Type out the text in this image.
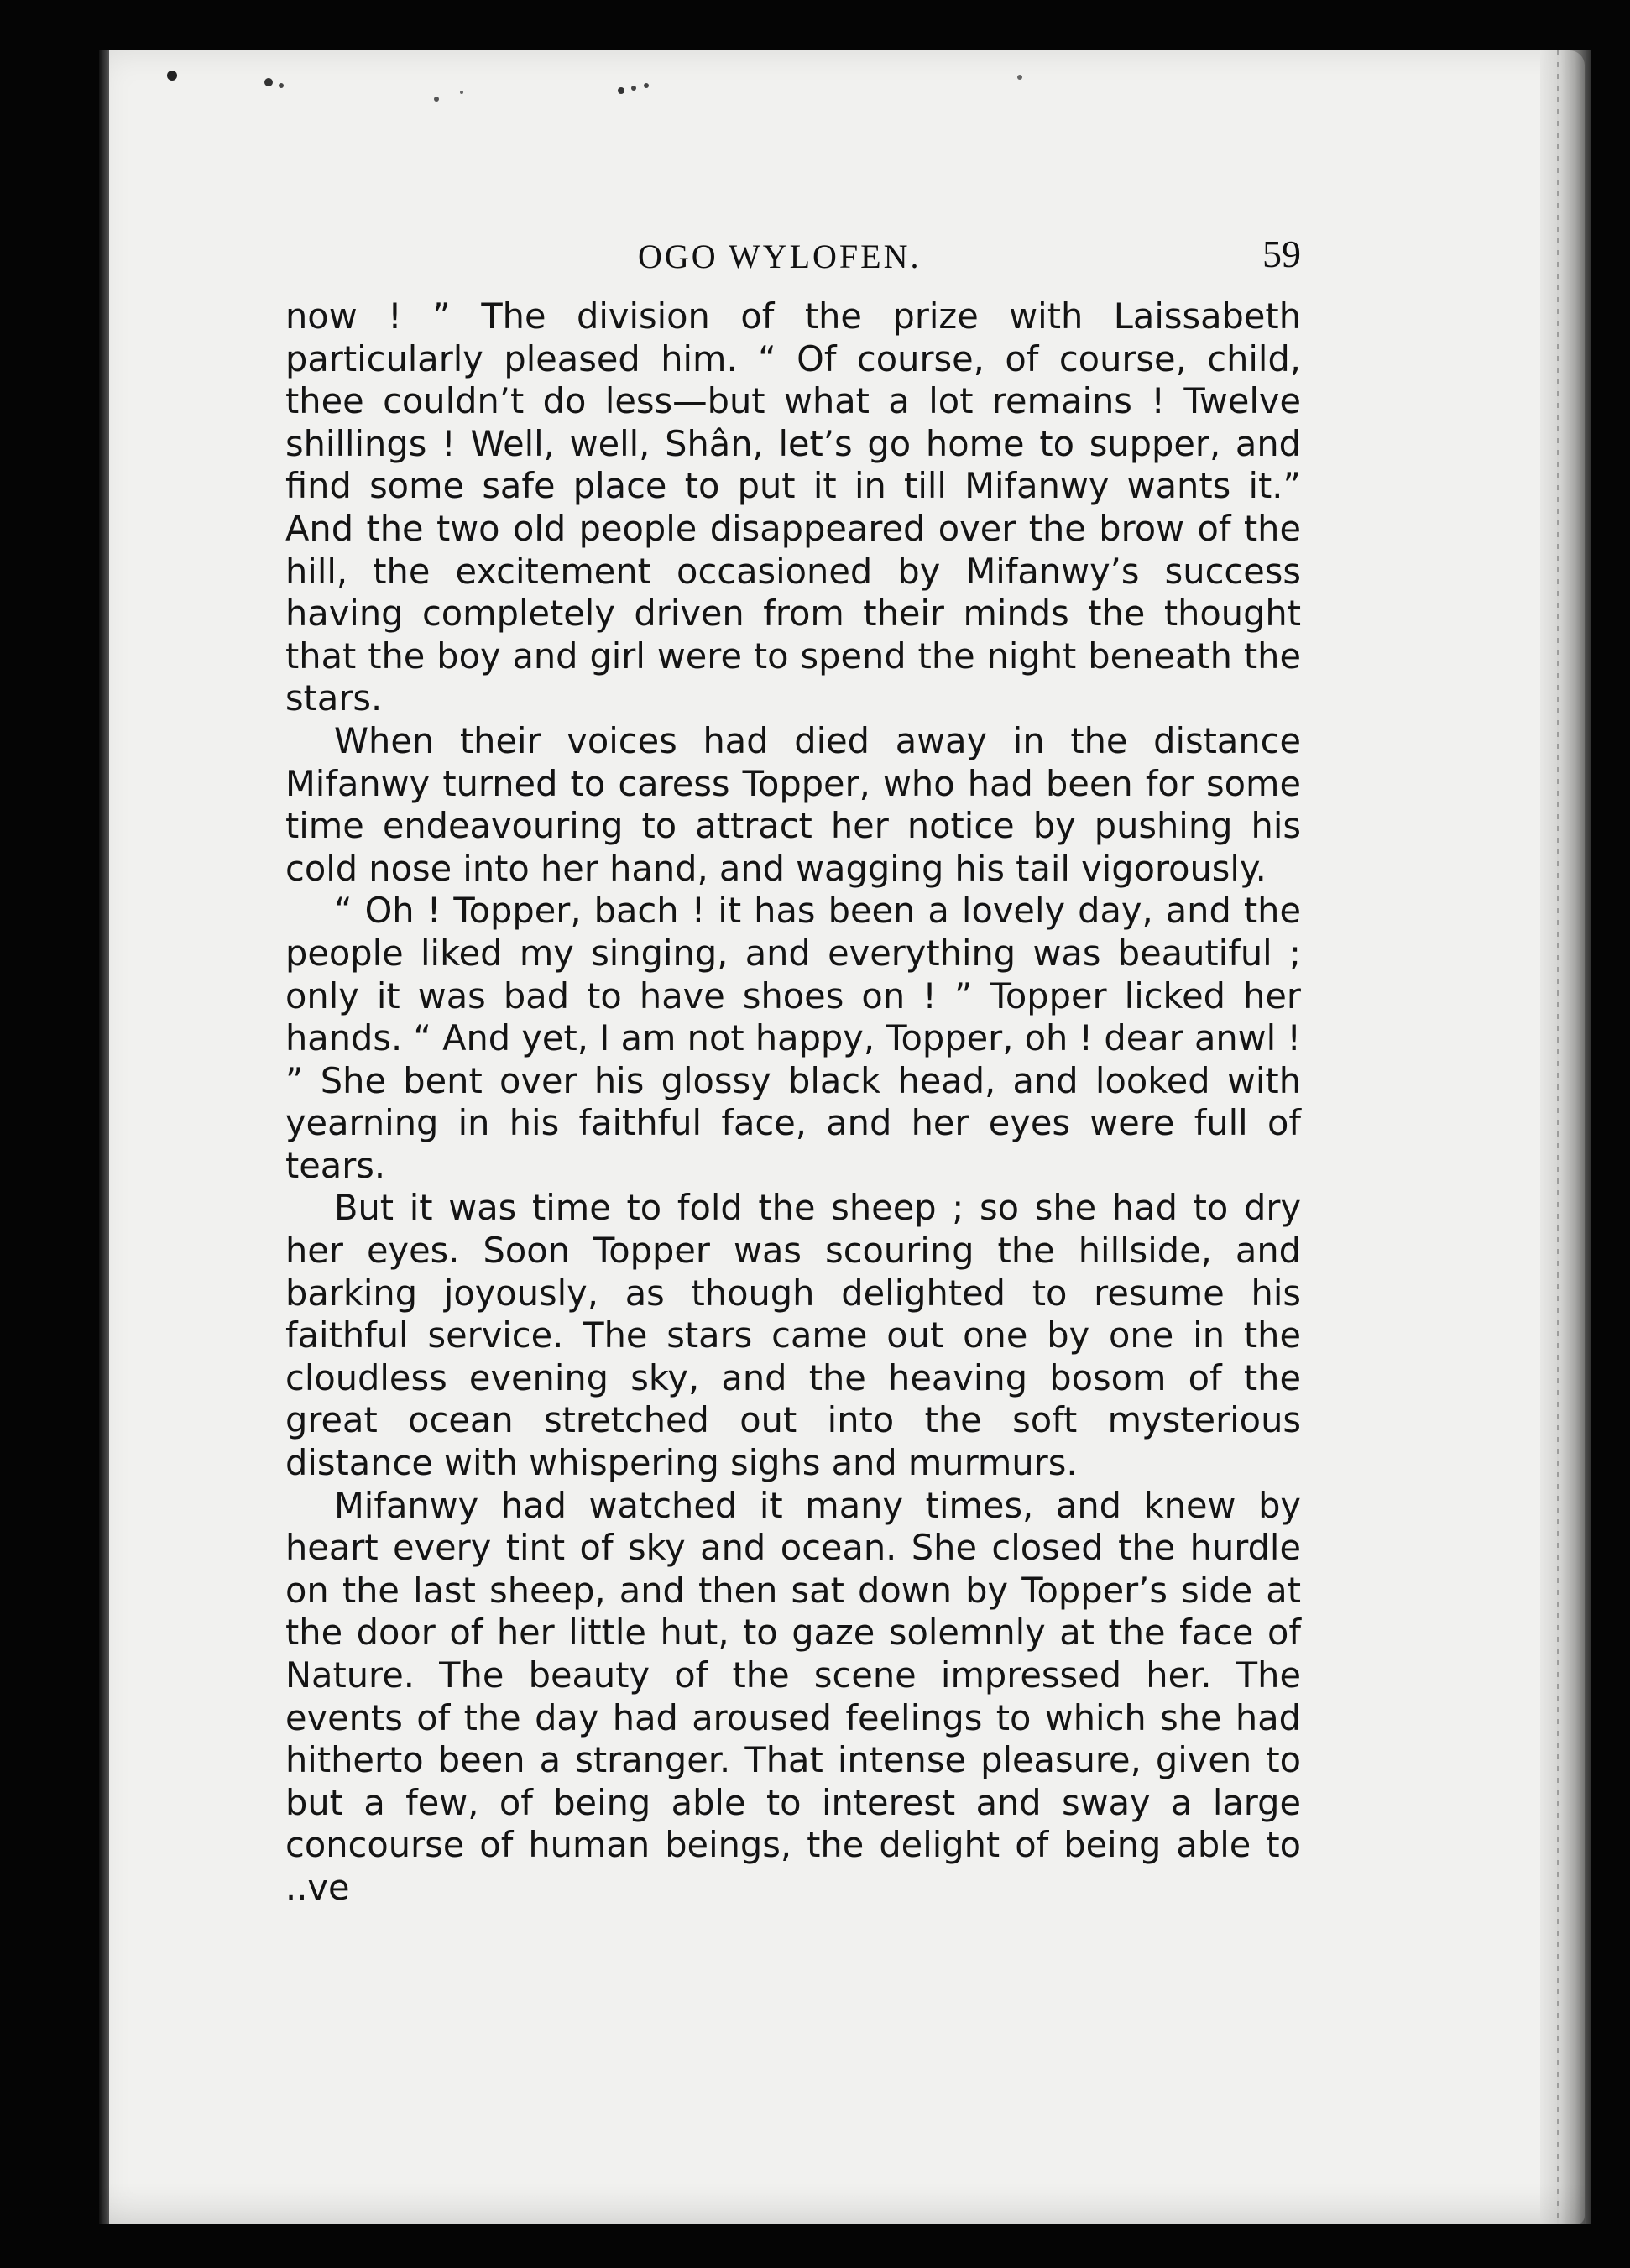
OGO WYLOFEN.	59

now ! ” The division of the prize with Laissabeth particularly pleased him. “ Of course, of course, child, thee couldn’t do less—but what a lot remains ! Twelve shillings ! Well, well, Shân, let’s go home to supper, and find some safe place to put it in till Mifanwy wants it.” And the two old people disappeared over the brow of the hill, the excitement occasioned by Mifanwy’s success having completely driven from their minds the thought that the boy and girl were to spend the night beneath the stars.

When their voices had died away in the distance Mifanwy turned to caress Topper, who had been for some time endeavouring to attract her notice by pushing his cold nose into her hand, and wagging his tail vigorously.

“ Oh ! Topper, bach ! it has been a lovely day, and the people liked my singing, and everything was beautiful ; only it was bad to have shoes on ! ” Topper licked her hands. “ And yet, I am not happy, Topper, oh ! dear anwl ! ” She bent over his glossy black head, and looked with yearning in his faithful face, and her eyes were full of tears.

But it was time to fold the sheep ; so she had to dry her eyes. Soon Topper was scouring the hillside, and barking joyously, as though delighted to resume his faithful service. The stars came out one by one in the cloudless evening sky, and the heaving bosom of the great ocean stretched out into the soft mysterious distance with whispering sighs and murmurs.

Mifanwy had watched it many times, and knew by heart every tint of sky and ocean. She closed the hurdle on the last sheep, and then sat down by Topper’s side at the door of her little hut, to gaze solemnly at the face of Nature. The beauty of the scene impressed her. The events of the day had aroused feelings to which she had hitherto been a stranger. That intense pleasure, given to but a few, of being able to interest and sway a large concourse of human beings, the delight of being able to ..ve
